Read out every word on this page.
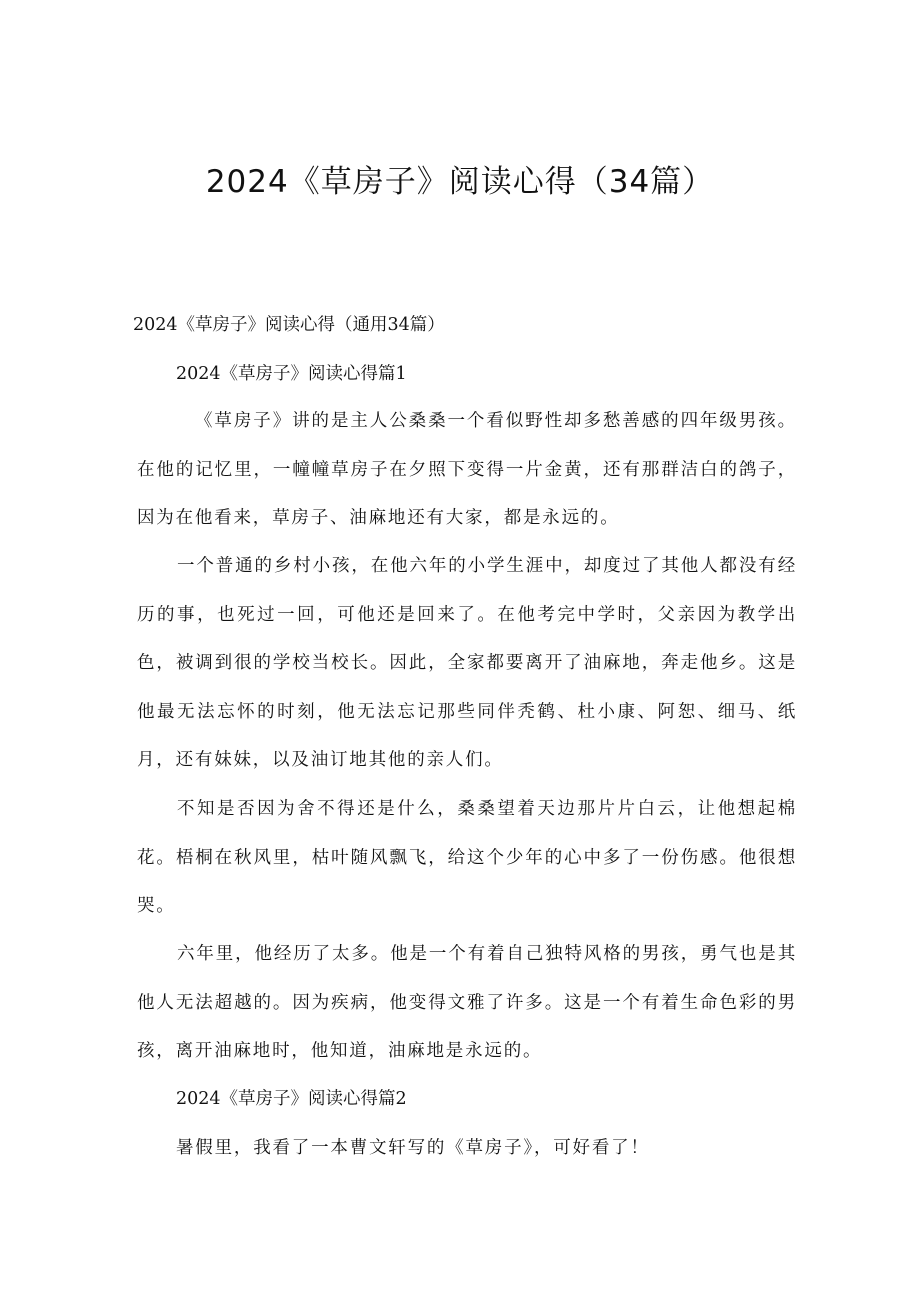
2024《草房子》阅读心得（34篇）

2024《草房子》阅读心得（通用34篇）

2024《草房子》阅读心得篇1

《草房子》讲的是主人公桑桑一个看似野性却多愁善感的四年级男孩。在他的记忆里，一幢幢草房子在夕照下变得一片金黄，还有那群洁白的鸽子，因为在他看来，草房子、油麻地还有大家，都是永远的。

一个普通的乡村小孩，在他六年的小学生涯中，却度过了其他人都没有经历的事，也死过一回，可他还是回来了。在他考完中学时，父亲因为教学出色，被调到很的学校当校长。因此，全家都要离开了油麻地，奔走他乡。这是他最无法忘怀的时刻，他无法忘记那些同伴秃鹤、杜小康、阿恕、细马、纸月，还有妹妹，以及油订地其他的亲人们。

不知是否因为舍不得还是什么，桑桑望着天边那片片白云，让他想起棉花。梧桐在秋风里，枯叶随风飘飞，给这个少年的心中多了一份伤感。他很想哭。

六年里，他经历了太多。他是一个有着自己独特风格的男孩，勇气也是其他人无法超越的。因为疾病，他变得文雅了许多。这是一个有着生命色彩的男孩，离开油麻地时，他知道，油麻地是永远的。

2024《草房子》阅读心得篇2

暑假里，我看了一本曹文轩写的《草房子》，可好看了！
